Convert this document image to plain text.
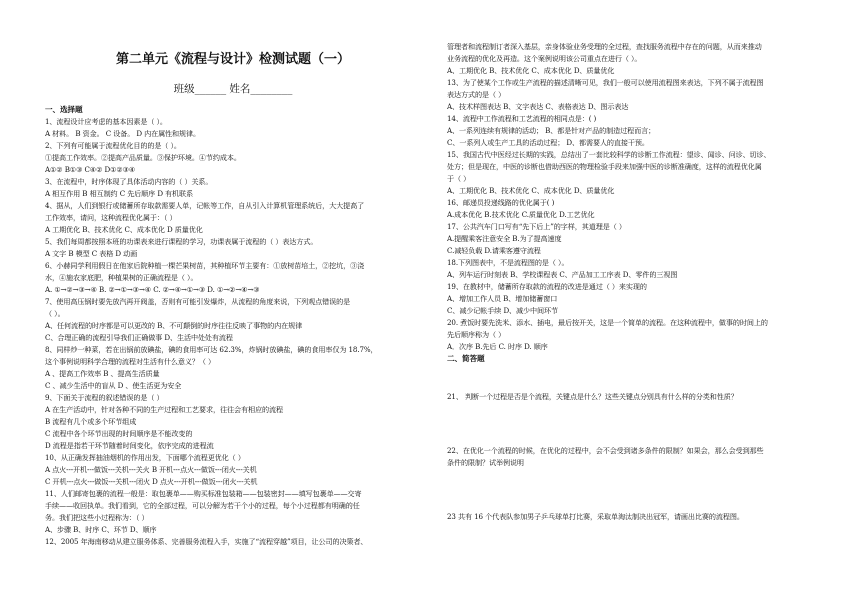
第二单元《流程与设计》检测试题（一）
班级______ 姓名________
一、选择题
1、流程设计应考虑的基本因素是（ ）。
A 材料。 B 资金。 C 设备。 D 内在属性和规律。
2、下列有可能属于流程优化目的的是（ ）。
①提高工作效率。②提高产品质量。③保护环境。④节约成本。
A①② B①③ C④② D①②③④
3、在流程中，时序体现了具体活动内容的（ ）关系。
A 相互作用 B 相互制约 C 先后顺序 D 有机联系
4、据从，人们到银行或储蓄所存取款需要人单，记帐等工作，自从引入计算机管理系统后，大大提高了
工作效率，请问，这种流程优化属于：（ ）
A 工期优化 B、技术优化 C、成本优化 D 质量优化
5、我们每周都按照本班的功课表来进行课程的学习，功课表属于流程的（ ）表达方式。
A 文字 B 模型 C 表格 D 动画
6、小赫同学利用假日在他家后院种植一棵芒果树苗，其种植环节主要有：①放树苗培土，②挖坑，③浇
水，④施农家底肥，种植果树的正确流程是（ ）。
A. ①→②→③→④ B. ②→①→③→④ C. ②→④→①→③ D. ①→②→④→③
7、使用高压锅时要先放汽再开阀盖，否则有可能引发爆炸，从流程的角度来说，下列观点错误的是
（ ）。
A、任何流程的时序都是可以更改的 B、不可颠倒的时序往往反映了事物的内在规律
C、合理正确的流程引导我们正确做事 D、生活中处处有流程
8、同样炒一种菜，若在出锅前放碘盐，碘的食用率可达 62.3%，炸锅时放碘盐，碘的食用率仅为 18.7%，
这个事例说明科学合理的流程对生活有什么意义？（ ）
A 、提高工作效率 B 、提高生活质量
C 、减少生活中的盲从 D 、使生活更为安全
9、下面关于流程的叙述错误的是（ ）
A 在生产活动中，针对各种不同的生产过程和工艺要求，往往会有相应的流程
B 流程有几个或多个环节组成
C 流程中各个环节出现的时间顺序是不能改变的
D 流程是指若干环节随着时间变化，依序完成的进程流
10、从正确发挥抽油烟机的作用出发，下面哪个流程更优化（ ）
A 点火---开机---做饭---关机---关火 B 开机---点火---做饭---闭火---关机
C 开机---点火---做饭---关机---闭火 D 点火---开机---做饭---闭火---关机
11、人们邮寄包裹的流程一般是：取包裹单——购买标准包装箱——包装密封——填写包裹单——交寄
手续——收回执单。我们看到，它的全部过程，可以分解为若干个小的过程，每个小过程都有明确的任
务。我们把这些小过程称为：（ ）
A、步骤 B、时序 C、环节 D、顺序
12、2005 年海南移动从建立服务体系、完善服务流程入手，实施了“流程穿越”项目，让公司的决策者、
管理者和流程制订者深入基层，亲身体验业务受理的全过程，查找服务流程中存在的问题，从而来推动
业务流程的优化及再造。这个案例说明该公司重点在进行（ ）。
A、工期优化 B、技术优化 C、成本优化 D、质量优化
13、为了使某个工作或生产流程的描述清晰可见，我们一般可以使用流程图来表达，下列不属于流程图
表达方式的是（ ）
A、技术样图表达 B、文字表达 C、表格表达 D、图示表达
14、流程中工作流程和工艺流程的相同点是：( )
A、一系列连续有规律的活动； B、都是针对产品的制造过程而言；
C、一系列人或生产工具的活动过程； D、都需要人的直接干预。
15、我国古代中医经过长期的实践，总结出了一套比较科学的诊断工作流程：望诊、闻诊、问诊、切诊、
处方；但是现在，中医的诊断也借助西医的物理检验手段来加强中医的诊断准确度，这样的流程优化属
于（ ）
A、工期优化 B、技术优化 C、成本优化 D、质量优化
16、邮递员投递线路的优化属于( )
A.成本优化 B.技术优化 C.质量优化 D.工艺优化
17、公共汽车门口写有“先下后上”的字样，其道理是（ ）
A.提醒乘客注意安全 B.为了提高速度
C.减轻负载 D.请乘客遵守流程
18.下列图表中，不是流程图的是（ ）。
A、列车运行时刻表 B、学校课程表 C、产品加工工序表 D、零件的三视图
19、在教材中，储蓄所存取款的流程的改进是通过（ ）来实现的
A、增加工作人员 B、增加储蓄窗口
C、减少记帐手续 D、减少中间环节
20. 煮饭时要先洗米、添水、插电，最后按开关，这是一个简单的流程。在这种流程中，做事的时间上的
先后顺序称为（ ）
A．次序 B.先后 C. 时序 D. 顺序
二、简答题
21、 判断一个过程是否是个流程，关键点是什么？这些关键点分别具有什么样的分类和性质？
22、在优化一个流程的时候，在优化的过程中，会不会受到诸多条件的限制？如果会，那么会受到那些
条件的限制？试举例说明
23 共有 16 个代表队参加男子乒乓球单打比赛，采取单淘汰制决出冠军，请画出比赛的流程图。
